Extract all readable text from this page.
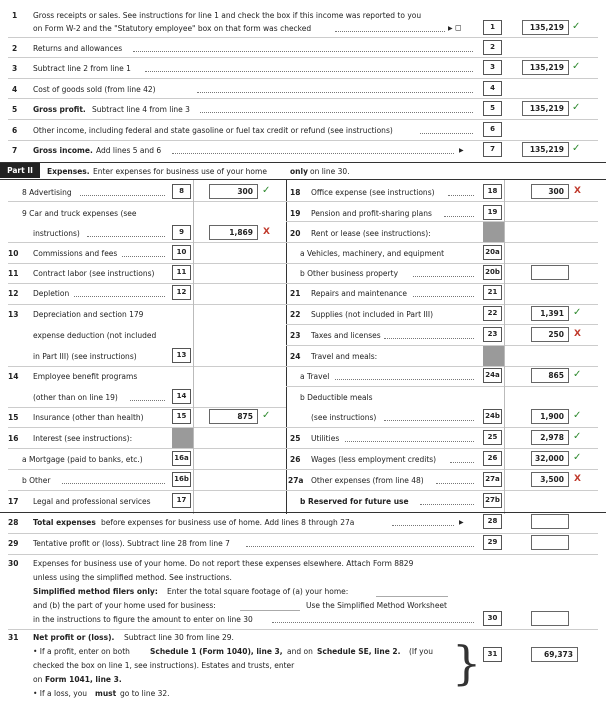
1 Gross receipts or sales. See instructions for line 1 and check the box if this income was reported to you
on Form W-2 and the "Statutory employee" box on that form was checked	▶ ◻	1	135,219 ✓
2 Returns and allowances	2
3 Subtract line 2 from line 1	3	135,219 ✓
4 Cost of goods sold (from line 42)	4
5 Gross profit. Subtract line 4 from line 3	5	135,219 ✓
6 Other income, including federal and state gasoline or fuel tax credit or refund (see instructions)	6
7 Gross income. Add lines 5 and 6	▶	7	135,219 ✓
Part II	Expenses. Enter expenses for business use of your home	only on line 30.
8 Advertising	8	300 ✓
9 Car and truck expenses (see
instructions)	9	1,869	X
10 Commissions and fees	10
11 Contract labor (see instructions)	11
12 Depletion	12
13 Depreciation and section 179
expense deduction (not included
in Part III) (see instructions)	13
14 Employee benefit programs
(other than on line 19)	14
15 Insurance (other than health)	15	875 ✓
16 Interest (see instructions):
a Mortgage (paid to banks, etc.)	16a
b Other	16b
17 Legal and professional services	17
18 Office expense (see instructions)	18	300	X
19 Pension and profit-sharing plans	19
20 Rent or lease (see instructions):
a Vehicles, machinery, and equipment	20a
b Other business property	20b
21 Repairs and maintenance	21
22 Supplies (not included in Part III)	22	1,391 ✓
23 Taxes and licenses	23	250	X
24 Travel and meals:
a Travel	24a	865 ✓
b Deductible meals
(see instructions)	24b	1,900 ✓
25 Utilities	25	2,978 ✓
26 Wages (less employment credits)	26	32,000 ✓
27a Other expenses (from line 48)	27a	3,500	X
b Reserved for future use	27b
28 Total expenses before expenses for business use of home. Add lines 8 through 27a	▶	28
29 Tentative profit or (loss). Subtract line 28 from line 7	29
30 Expenses for business use of your home. Do not report these expenses elsewhere. Attach Form 8829
unless using the simplified method. See instructions.
Simplified method filers only: Enter the total square footage of (a) your home:
and (b) the part of your home used for business:	Use the Simplified Method Worksheet
in the instructions to figure the amount to enter on line 30	30
31 Net profit or (loss). Subtract line 30 from line 29.
• If a profit, enter on both	Schedule 1 (Form 1040), line 3, and on Schedule SE, line 2. (If you
checked the box on line 1, see instructions). Estates and trusts, enter
on Form 1041, line 3.
• If a loss, you must go to line 32.
} 31	69,373
